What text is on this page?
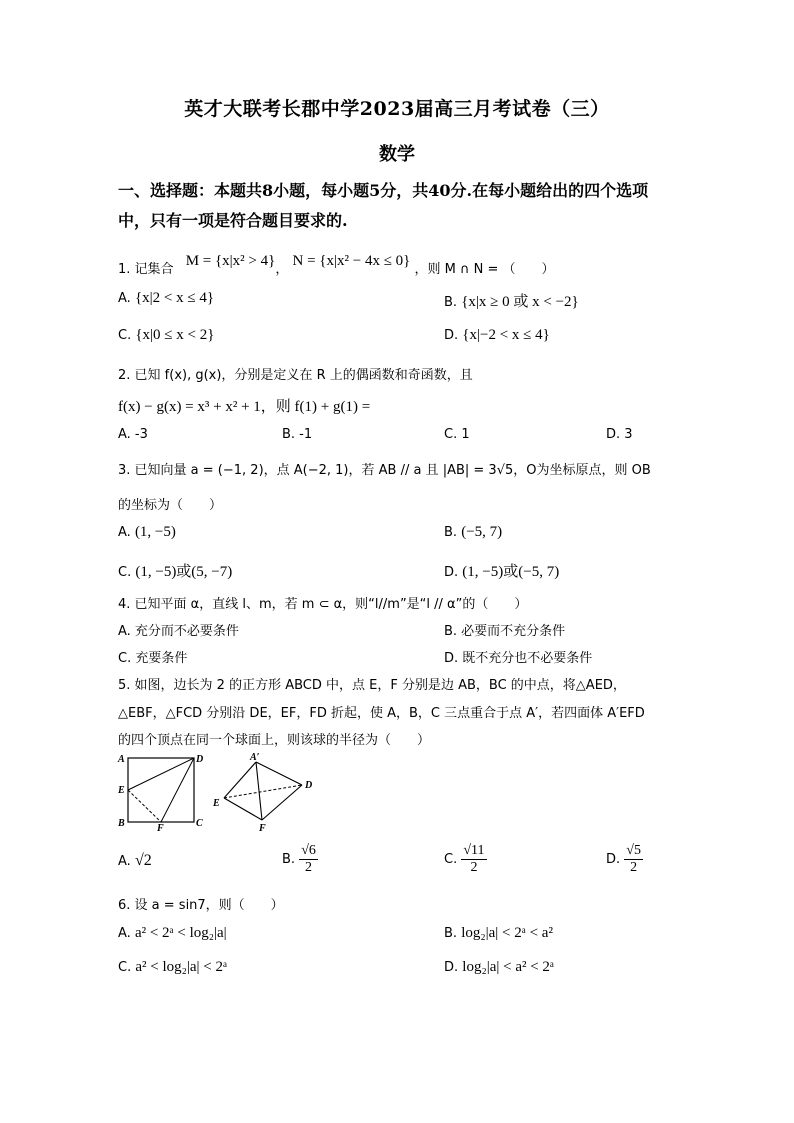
英才大联考长郡中学2023届高三月考试卷（三）
数学
一、选择题：本题共8小题，每小题5分，共40分.在每小题给出的四个选项
中，只有一项是符合题目要求的.
1. 记集合 M = {x|x² > 4}， N = {x|x² − 4x ≤ 0} ，则 M ∩ N = （　　）
A. {x|2 < x ≤ 4}	B. {x|x ≥ 0 或 x < −2}
C. {x|0 ≤ x < 2}	D. {x|−2 < x ≤ 4}
2. 已知 f(x), g(x)，分别是定义在 R 上的偶函数和奇函数，且
f(x) − g(x) = x³ + x² + 1，则 f(1) + g(1) =
A. -3	B. -1	C. 1	D. 3
3. 已知向量 a = (−1, 2)，点 A(−2, 1)，若 AB // a 且 |AB| = 3√5，O为坐标原点，则 OB
的坐标为（　　）
A. (1, −5)	B. (−5, 7)
C. (1, −5)或(5, −7)	D. (1, −5)或(−5, 7)
4. 已知平面 α，直线 l、m，若 m ⊂ α，则“l//m”是“l // α”的（　　）
A. 充分而不必要条件	B. 必要而不充分条件
C. 充要条件	D. 既不充分也不必要条件
5. 如图，边长为 2 的正方形 ABCD 中，点 E，F 分别是边 AB，BC 的中点，将△AED，
△EBF，△FCD 分别沿 DE，EF，FD 折起，使 A，B，C 三点重合于点 A′，若四面体 A′EFD
的四个顶点在同一个球面上，则该球的半径为（　　）
A	D
E
B	C
F
A′
D
E
F
A. √2	B. $\frac{√6}{2}$	C. $\frac{√11}{2}$	D. $\frac{√5}{2}$
6. 设 a = sin7，则（　　）
A. a² < 2ᵃ < log₂|a|	B. log₂|a| < 2ᵃ < a²
C. a² < log₂|a| < 2ᵃ	D. log₂|a| < a² < 2ᵃ
